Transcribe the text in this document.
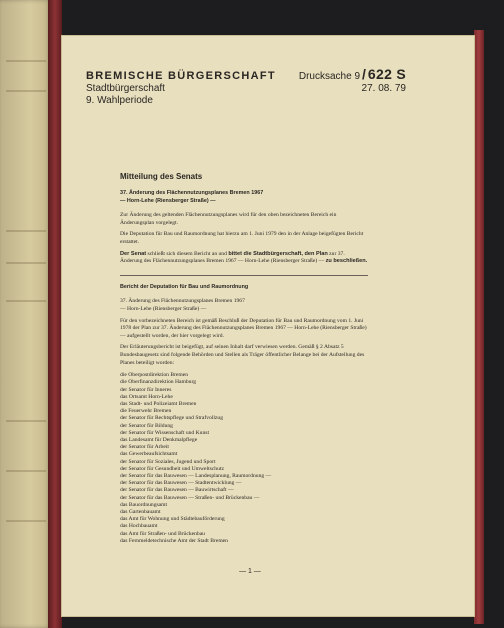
BREMISCHE BÜRGERSCHAFT
Stadtbürgerschaft
9. Wahlperiode
Drucksache 9 / 622 S
27. 08. 79
Mitteilung des Senats
37. Änderung des Flächennutzungsplanes Bremen 1967
— Horn-Lehe (Riensberger Straße) —

Zur Änderung des geltenden Flächennutzungsplanes wird für den oben bezeichneten Bereich ein Änderungsplan vorgelegt.

Die Deputation für Bau und Raumordnung hat hierzu am 1. Juni 1979 den in der Anlage beigefügten Bericht erstattet.

Der Senat schließt sich diesem Bericht an und bittet die Stadtbürgerschaft, den Plan zur 37. Änderung des Flächennutzungsplanes Bremen 1967 — Horn-Lehe (Riensberger Straße) — zu beschließen.

Bericht der Deputation für Bau und Raumordnung

37. Änderung des Flächennutzungsplanes Bremen 1967

— Horn-Lehe (Riensberger Straße) —

Für den vorbezeichneten Bereich ist gemäß Beschluß der Deputation für Bau und Raumordnung vom 1. Juni 1978 der Plan zur 37. Änderung des Flächennutzungsplanes Bremen 1967 — Horn-Lehe (Riensberger Straße) — aufgestellt worden, der hier vorgelegt wird.

Der Erläuterungsbericht ist beigefügt, auf seinen Inhalt darf verwiesen werden. Gemäß § 2 Absatz 5 Bundesbaugesetz sind folgende Behörden und Stellen als Träger öffentlicher Belange bei der Aufstellung des Planes beteiligt worden:

die Oberpostdirektion Bremen
die Oberfinanzdirektion Hamburg
der Senator für Inneres
das Ortsamt Horn-Lehe
das Stadt- und Polizeiamt Bremen
die Feuerwehr Bremen
der Senator für Rechtspflege und Strafvollzug
der Senator für Bildung
der Senator für Wissenschaft und Kunst
das Landesamt für Denkmalpflege
der Senator für Arbeit
das Gewerbeaufsichtsamt
der Senator für Soziales, Jugend und Sport
der Senator für Gesundheit und Umweltschutz
der Senator für das Bauwesen — Landesplanung, Raumordnung —
der Senator für das Bauwesen — Stadtentwicklung —
der Senator für das Bauwesen — Bauwirtschaft —
der Senator für das Bauwesen — Straßen- und Brückenbau —
das Bauordnungsamt
das Gartenbauamt
das Amt für Wohnung und Städtebauförderung
das Hochbauamt
das Amt für Straßen- und Brückenbau
das Fernmeldetechnische Amt der Stadt Bremen
— 1 —
